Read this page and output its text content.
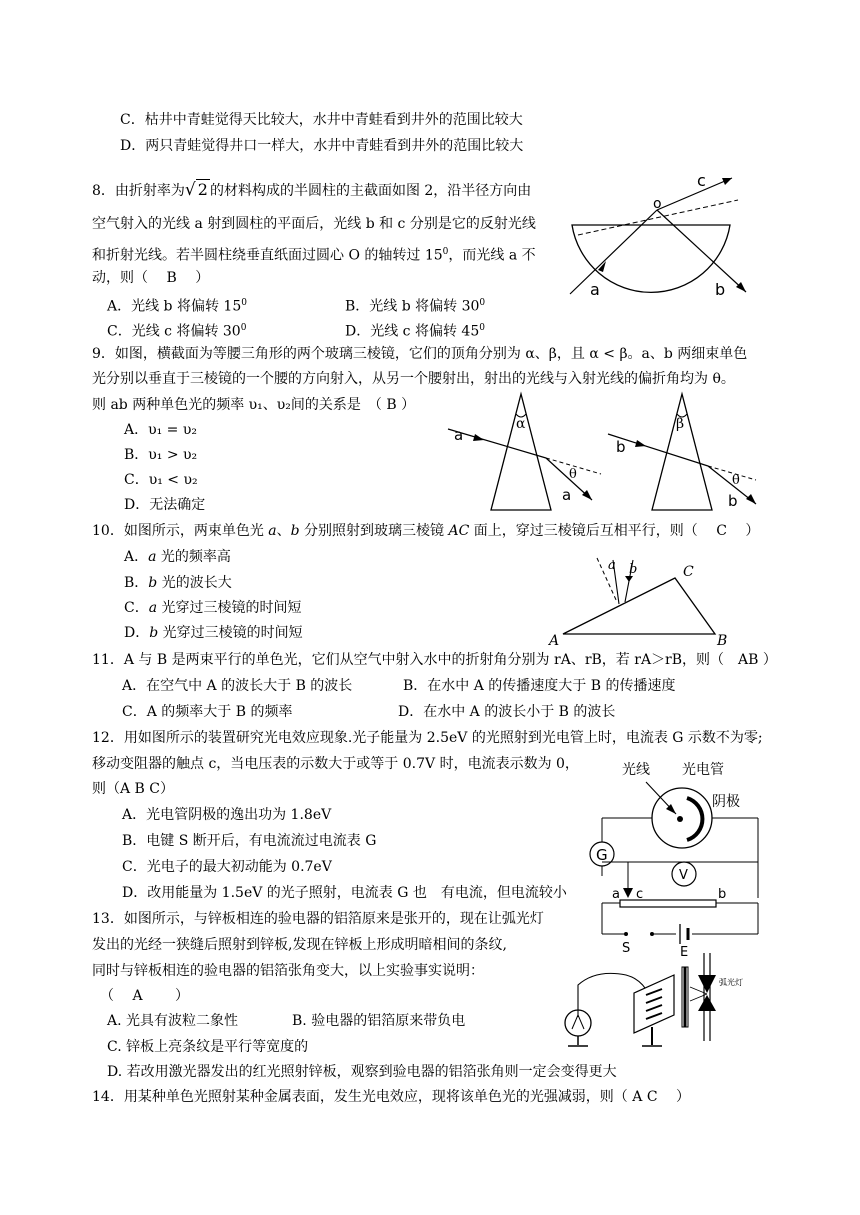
C．枯井中青蛙觉得天比较大，水井中青蛙看到井外的范围比较大
D．两只青蛙觉得井口一样大，水井中青蛙看到井外的范围比较大
8．由折射率为√ 2 的材料构成的半圆柱的主截面如图 2，沿半径方向由
空气射入的光线 a 射到圆柱的平面后，光线 b 和 c 分别是它的反射光线
和折射光线。若半圆柱绕垂直纸面过圆心 O 的轴转过 $15^0$，而光线 a 不
动，则（　 B　 ）
A．光线 b 将偏转 $15^0$	B．光线 b 将偏转 $30^0$
C．光线 c 将偏转 $30^0$	D．光线 c 将偏转 $45^0$
c
o
a	b
9．如图，横截面为等腰三角形的两个玻璃三棱镜，它们的顶角分别为 α、β，且 α < β。a、b 两细束单色
光分别以垂直于三棱镜的一个腰的方向射入，从另一个腰射出，射出的光线与入射光线的偏折角均为 θ。
则 ab 两种单色光的频率 υ₁、υ₂间的关系是　（ B ）
A．υ₁ = υ₂
B．υ₁ > υ₂
C．υ₁ < υ₂
D．无法确定
α
θ
a
a
β
θ
b
b
10．如图所示，两束单色光 a、b 分别照射到玻璃三棱镜 AC 面上，穿过三棱镜后互相平行，则（　 C　 ）
A．a 光的频率高
B．b 光的波长大
C．a 光穿过三棱镜的时间短
D．b 光穿过三棱镜的时间短
a b
A	B
C
11．A 与 B 是两束平行的单色光，它们从空气中射入水中的折射角分别为 rA、rB，若 rA＞rB，则（　AB ）
A．在空气中 A 的波长大于 B 的波长	B．在水中 A 的传播速度大于 B 的传播速度
C．A 的频率大于 B 的频率	D．在水中 A 的波长小于 B 的波长
12．用如图所示的装置研究光电效应现象.光子能量为 2.5eV 的光照射到光电管上时，电流表 G 示数不为零;
移动变阻器的触点 c，当电压表的示数大于或等于 0.7V 时，电流表示数为 0，
则（A B C）
A．光电管阴极的逸出功为 1.8eV
B．电键 S 断开后，有电流流过电流表 G
C．光电子的最大初动能为 0.7eV
D．改用能量为 1.5eV 的光子照射，电流表 G 也　有电流，但电流较小
光线 光电管
阴极
G
V
a c	b
S	E
13．如图所示，与锌板相连的验电器的铝箔原来是张开的，现在让弧光灯
发出的光经一狭缝后照射到锌板,发现在锌板上形成明暗相间的条纹,
同时与锌板相连的验电器的铝箔张角变大，以上实验事实说明：
（　 A　　 ）
A. 光具有波粒二象性	B. 验电器的铝箔原来带负电
C. 锌板上亮条纹是平行等宽度的
D. 若改用激光器发出的红光照射锌板，观察到验电器的铝箔张角则一定会变得更大
弧光灯
14．用某种单色光照射某种金属表面，发生光电效应，现将该单色光的光强减弱，则（ A C　 ）
